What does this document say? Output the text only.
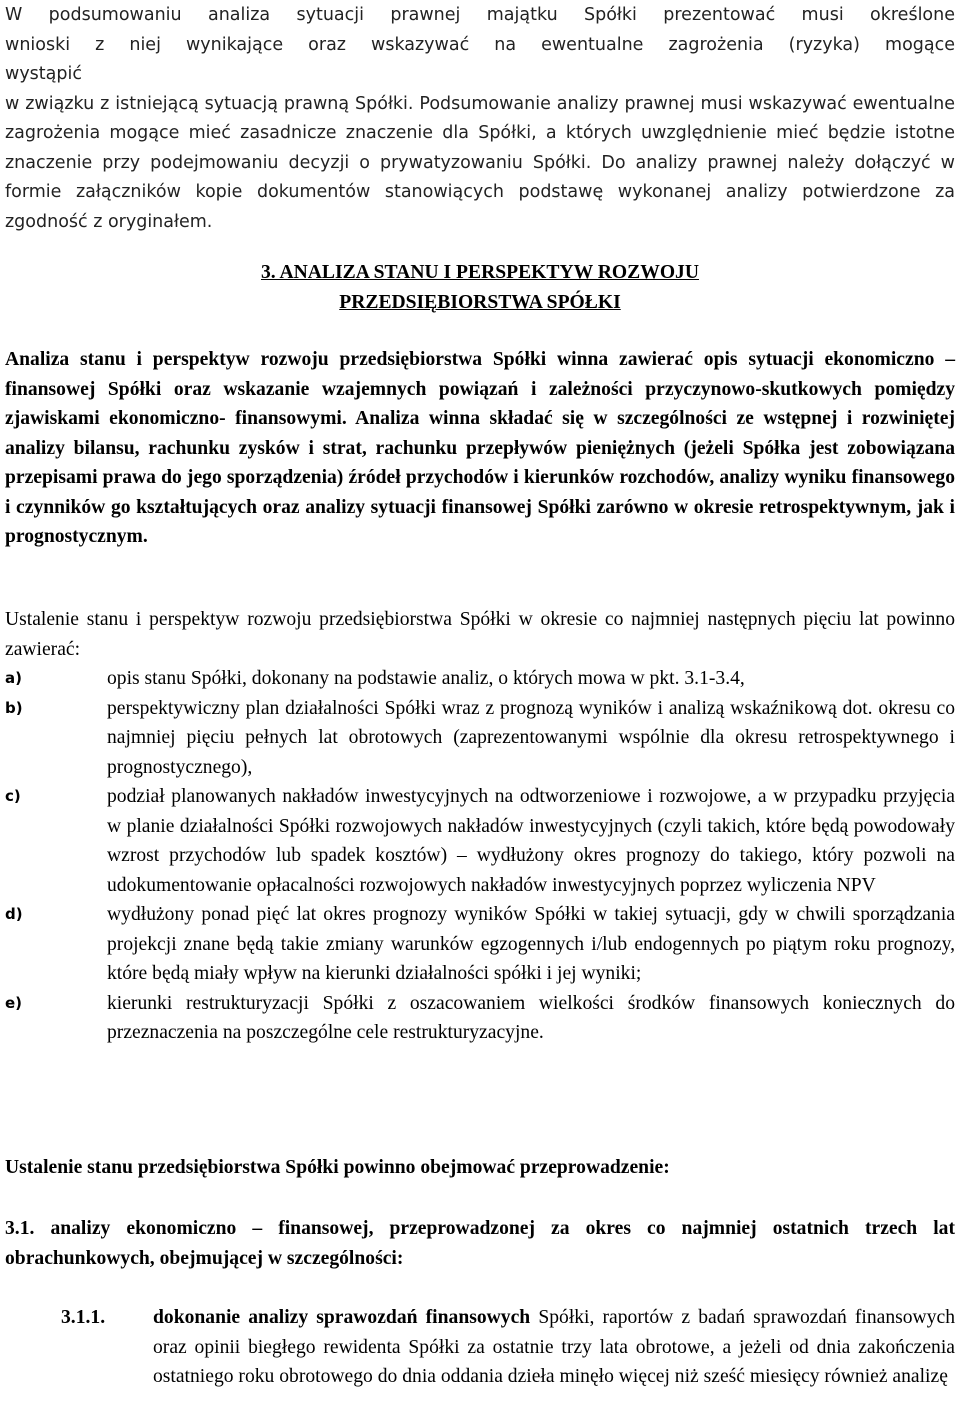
W podsumowaniu analiza sytuacji prawnej majątku Spółki prezentować musi określone
wnioski z niej wynikające oraz wskazywać na ewentualne zagrożenia (ryzyka) mogące
wystąpić

w związku z istniejącą sytuacją prawną Spółki. Podsumowanie analizy prawnej musi wskazywać ewentualne zagrożenia mogące mieć zasadnicze znaczenie dla Spółki, a których uwzględnienie mieć będzie istotne znaczenie przy podejmowaniu decyzji o prywatyzowaniu Spółki. Do analizy prawnej należy dołączyć w formie załączników kopie dokumentów stanowiących podstawę wykonanej analizy potwierdzone za zgodność z oryginałem.

3. ANALIZA STANU I PERSPEKTYW ROZWOJU
PRZEDSIĘBIORSTWA SPÓŁKI

Analiza stanu i perspektyw rozwoju przedsiębiorstwa Spółki winna zawierać opis sytuacji ekonomiczno – finansowej Spółki oraz wskazanie wzajemnych powiązań i zależności przyczynowo-skutkowych pomiędzy zjawiskami ekonomiczno- finansowymi. Analiza winna składać się w szczególności ze wstępnej i rozwiniętej analizy bilansu, rachunku zysków i strat, rachunku przepływów pieniężnych (jeżeli Spółka jest zobowiązana przepisami prawa do jego sporządzenia) źródeł przychodów i kierunków rozchodów, analizy wyniku finansowego i czynników go kształtujących oraz analizy sytuacji finansowej Spółki zarówno w okresie retrospektywnym, jak i prognostycznym.

Ustalenie stanu i perspektyw rozwoju przedsiębiorstwa Spółki w okresie co najmniej następnych pięciu lat powinno zawierać:

a)	opis stanu Spółki, dokonany na podstawie analiz, o których mowa w pkt. 3.1-3.4,
b)	perspektywiczny plan działalności Spółki wraz z prognozą wyników i analizą wskaźnikową dot. okresu co najmniej pięciu pełnych lat obrotowych (zaprezentowanymi wspólnie dla okresu retrospektywnego i prognostycznego),
c)	podział planowanych nakładów inwestycyjnych na odtworzeniowe i rozwojowe, a w przypadku przyjęcia w planie działalności Spółki rozwojowych nakładów inwestycyjnych (czyli takich, które będą powodowały wzrost przychodów lub spadek kosztów) – wydłużony okres prognozy do takiego, który pozwoli na udokumentowanie opłacalności rozwojowych nakładów inwestycyjnych poprzez wyliczenia NPV
d)	wydłużony ponad pięć lat okres prognozy wyników Spółki w takiej sytuacji, gdy w chwili sporządzania projekcji znane będą takie zmiany warunków egzogennych i/lub endogennych po piątym roku prognozy, które będą miały wpływ na kierunki działalności spółki i jej wyniki;
e)	kierunki restrukturyzacji Spółki z oszacowaniem wielkości środków finansowych koniecznych do przeznaczenia na poszczególne cele restrukturyzacyjne.

Ustalenie stanu przedsiębiorstwa Spółki powinno obejmować przeprowadzenie:

3.1. analizy ekonomiczno – finansowej, przeprowadzonej za okres co najmniej ostatnich trzech lat obrachunkowych, obejmującej w szczególności:

3.1.1.	dokonanie analizy sprawozdań finansowych Spółki, raportów z badań sprawozdań finansowych oraz opinii biegłego rewidenta Spółki za ostatnie trzy lata obrotowe, a jeżeli od dnia zakończenia ostatniego roku obrotowego do dnia oddania dzieła minęło więcej niż sześć miesięcy również analizę
